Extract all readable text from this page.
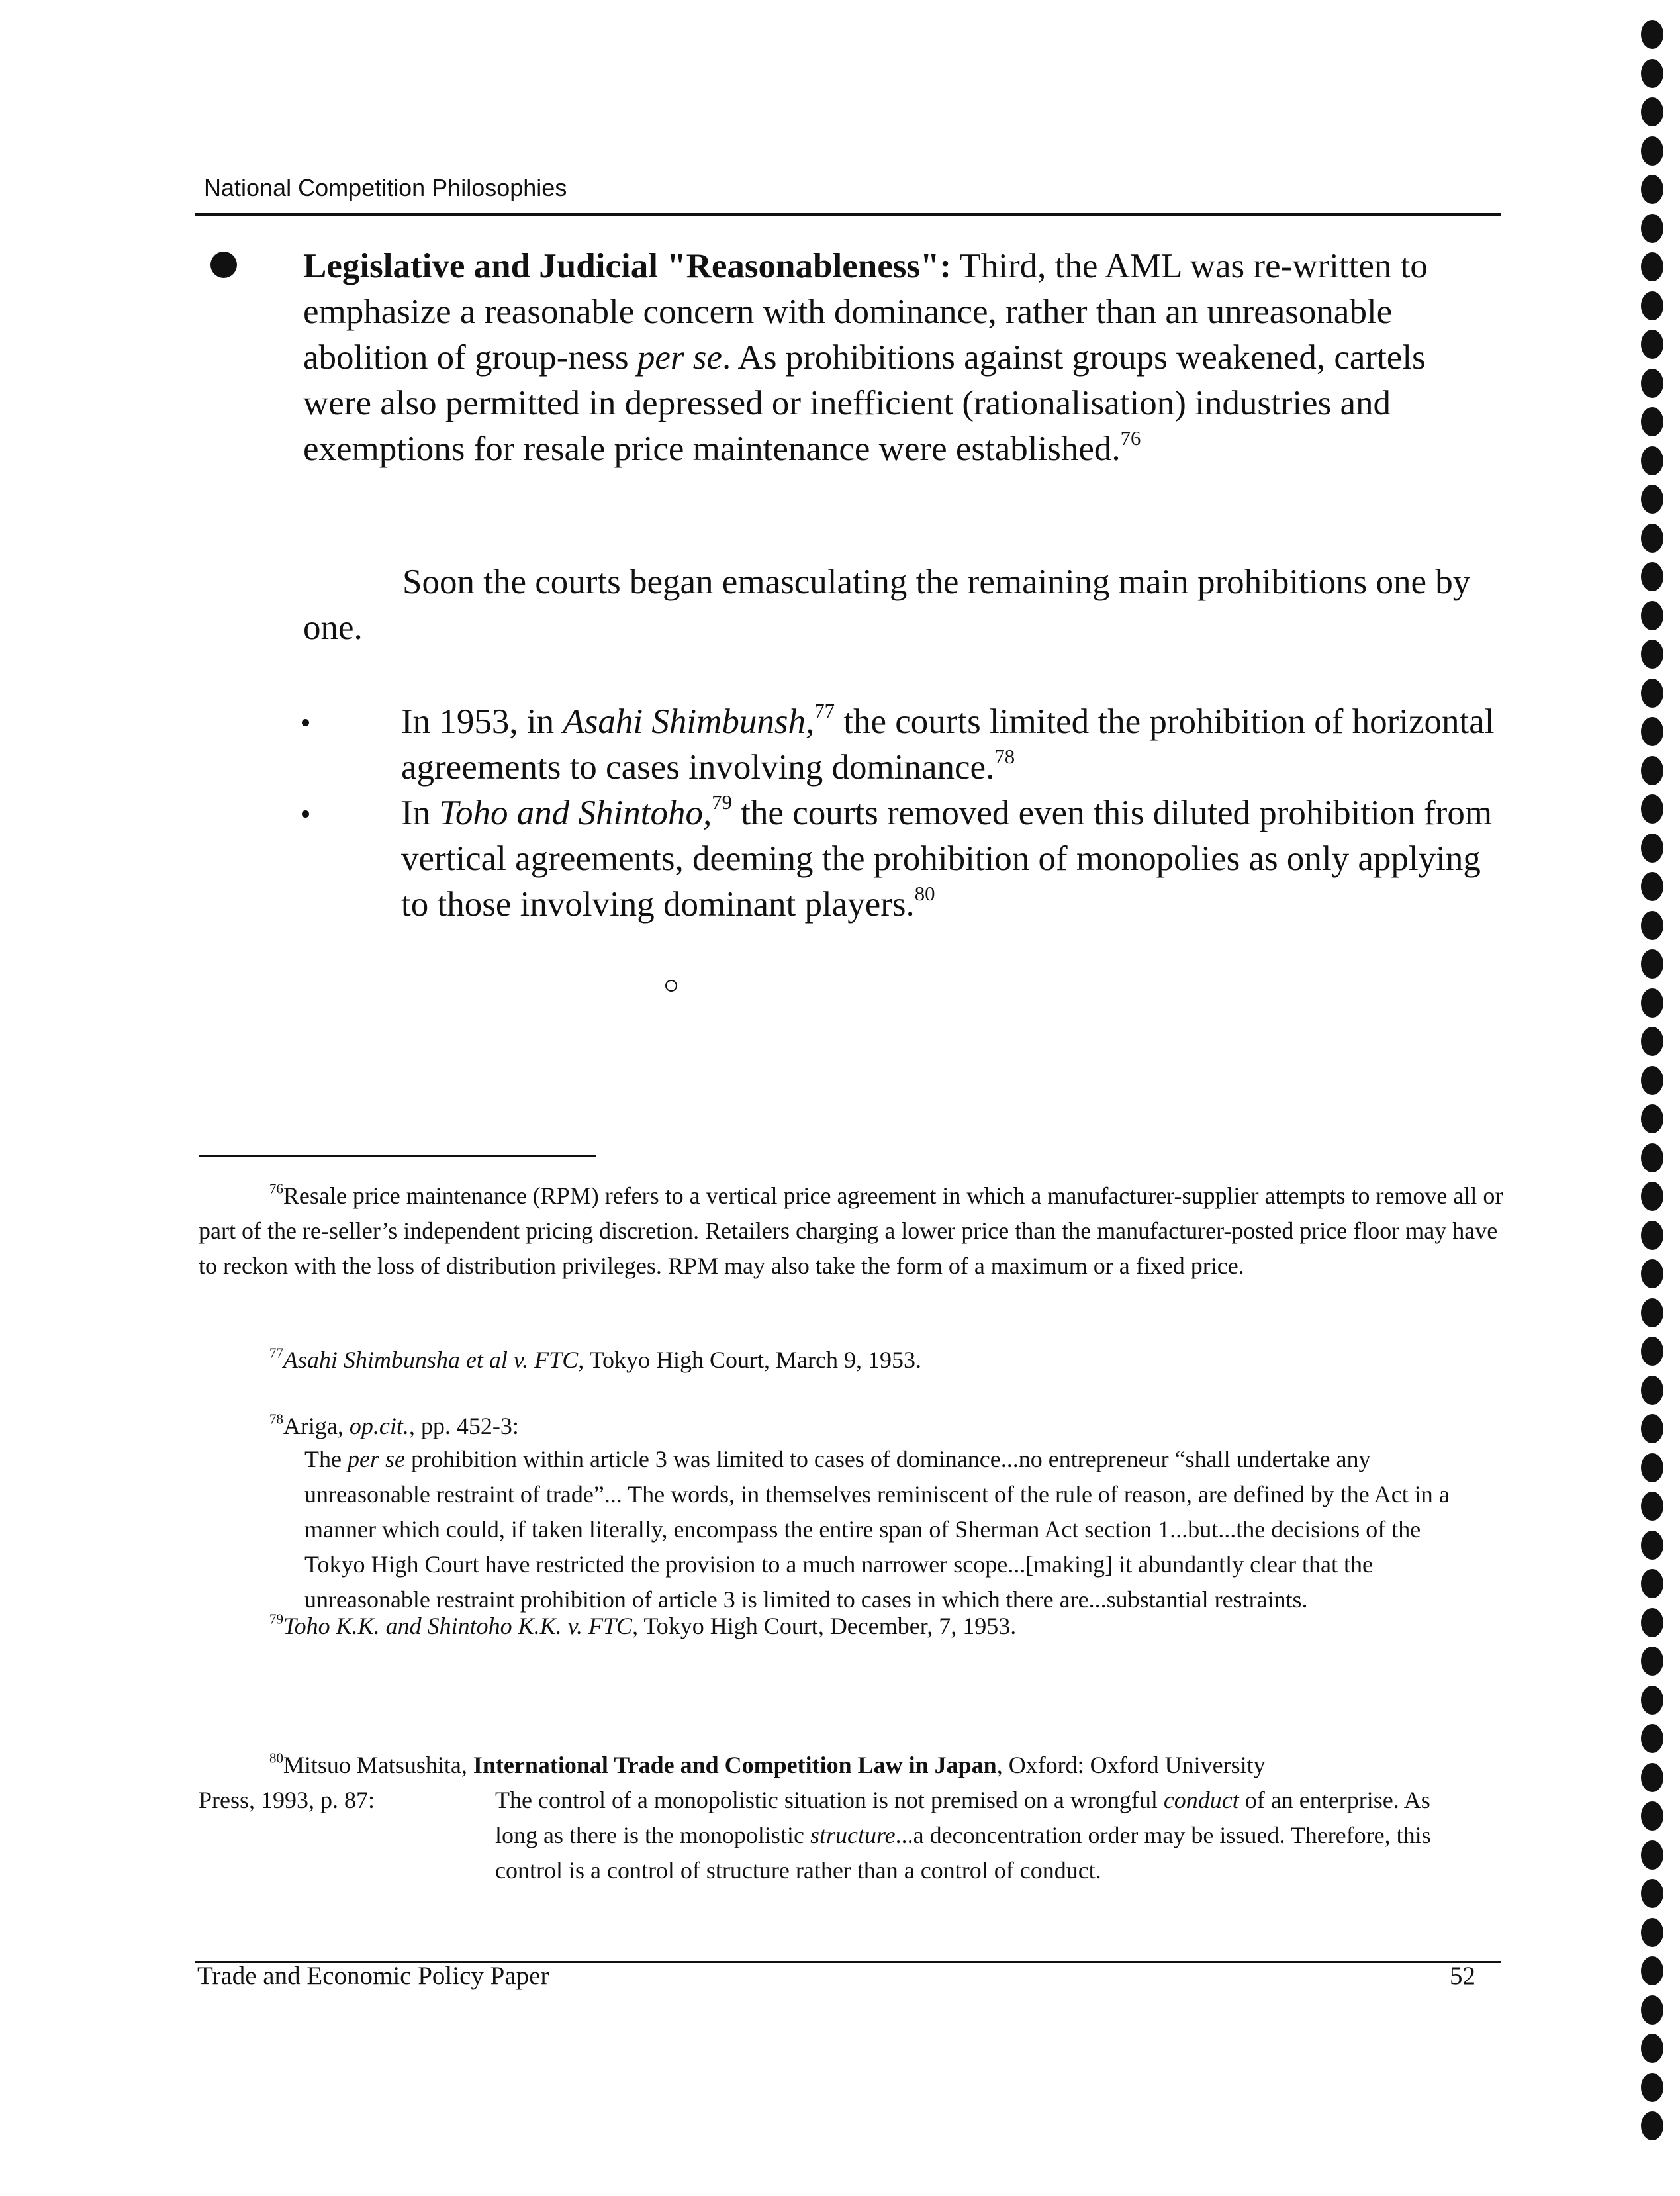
National Competition Philosophies
Legislative and Judicial "Reasonableness": Third, the AML was re-written to emphasize a reasonable concern with dominance, rather than an unreasonable abolition of group-ness per se. As prohibitions against groups weakened, cartels were also permitted in depressed or inefficient (rationalisation) industries and exemptions for resale price maintenance were established.$^{76}$
Soon the courts began emasculating the remaining main prohibitions one by one.
In 1953, in Asahi Shimbunsh,$^{77}$ the courts limited the prohibition of horizontal agreements to cases involving dominance.$^{78}$
In Toho and Shintoho,$^{79}$ the courts removed even this diluted prohibition from vertical agreements, deeming the prohibition of monopolies as only applying to those involving dominant players.$^{80}$
$^{76}$Resale price maintenance (RPM) refers to a vertical price agreement in which a manufacturer-supplier attempts to remove all or part of the re-seller’s independent pricing discretion. Retailers charging a lower price than the manufacturer-posted price floor may have to reckon with the loss of distribution privileges. RPM may also take the form of a maximum or a fixed price.
$^{77}$Asahi Shimbunsha et al v. FTC, Tokyo High Court, March 9, 1953.
$^{78}$Ariga, op.cit., pp. 452-3:
The per se prohibition within article 3 was limited to cases of dominance...no entrepreneur “shall undertake any unreasonable restraint of trade”... The words, in themselves reminiscent of the rule of reason, are defined by the Act in a manner which could, if taken literally, encompass the entire span of Sherman Act section 1...but...the decisions of the Tokyo High Court have restricted the provision to a much narrower scope...[making] it abundantly clear that the unreasonable restraint prohibition of article 3 is limited to cases in which there are...substantial restraints.
$^{79}$Toho K.K. and Shintoho K.K. v. FTC, Tokyo High Court, December, 7, 1953.
$^{80}$Mitsuo Matsushita, International Trade and Competition Law in Japan, Oxford: Oxford University
Press, 1993, p. 87:	The control of a monopolistic situation is not premised on a wrongful conduct of an enterprise. As long as there is the monopolistic structure...a deconcentration order may be issued. Therefore, this control is a control of structure rather than a control of conduct.
Trade and Economic Policy Paper	52
